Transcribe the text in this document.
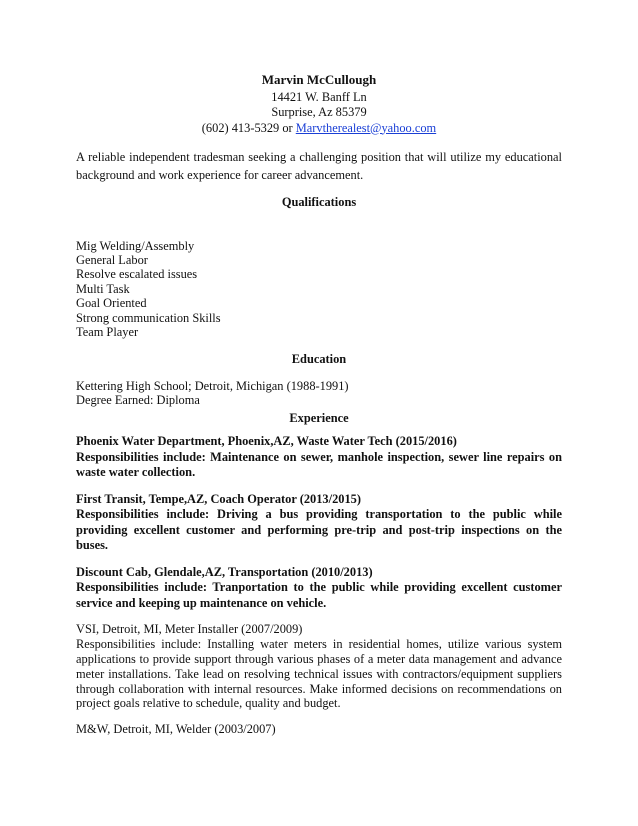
Marvin McCullough
14421 W. Banff Ln
Surprise, Az 85379
(602) 413-5329 or Marvtherealest@yahoo.com
A reliable independent tradesman seeking a challenging position that will utilize my educational background and work experience for career advancement.
Qualifications
Mig Welding/Assembly
General Labor
Resolve escalated issues
Multi Task
Goal Oriented
Strong communication Skills
Team Player
Education
Kettering High School; Detroit, Michigan (1988-1991)
Degree Earned: Diploma
Experience
Phoenix Water Department, Phoenix,AZ, Waste Water Tech (2015/2016)
Responsibilities include: Maintenance on sewer, manhole inspection, sewer line repairs on waste water collection.
First Transit, Tempe,AZ, Coach Operator (2013/2015)
Responsibilities include: Driving a bus providing transportation to the public while providing excellent customer and performing pre-trip and post-trip inspections on the buses.
Discount Cab, Glendale,AZ, Transportation (2010/2013)
Responsibilities include: Tranportation to the public while providing excellent customer service and keeping up maintenance on vehicle.
VSI, Detroit, MI, Meter Installer (2007/2009)
Responsibilities include: Installing water meters in residential homes, utilize various system applications to provide support through various phases of a meter data management and advance meter installations. Take lead on resolving technical issues with contractors/equipment suppliers through collaboration with internal resources. Make informed decisions on recommendations on project goals relative to schedule, quality and budget.
M&W, Detroit, MI, Welder (2003/2007)
